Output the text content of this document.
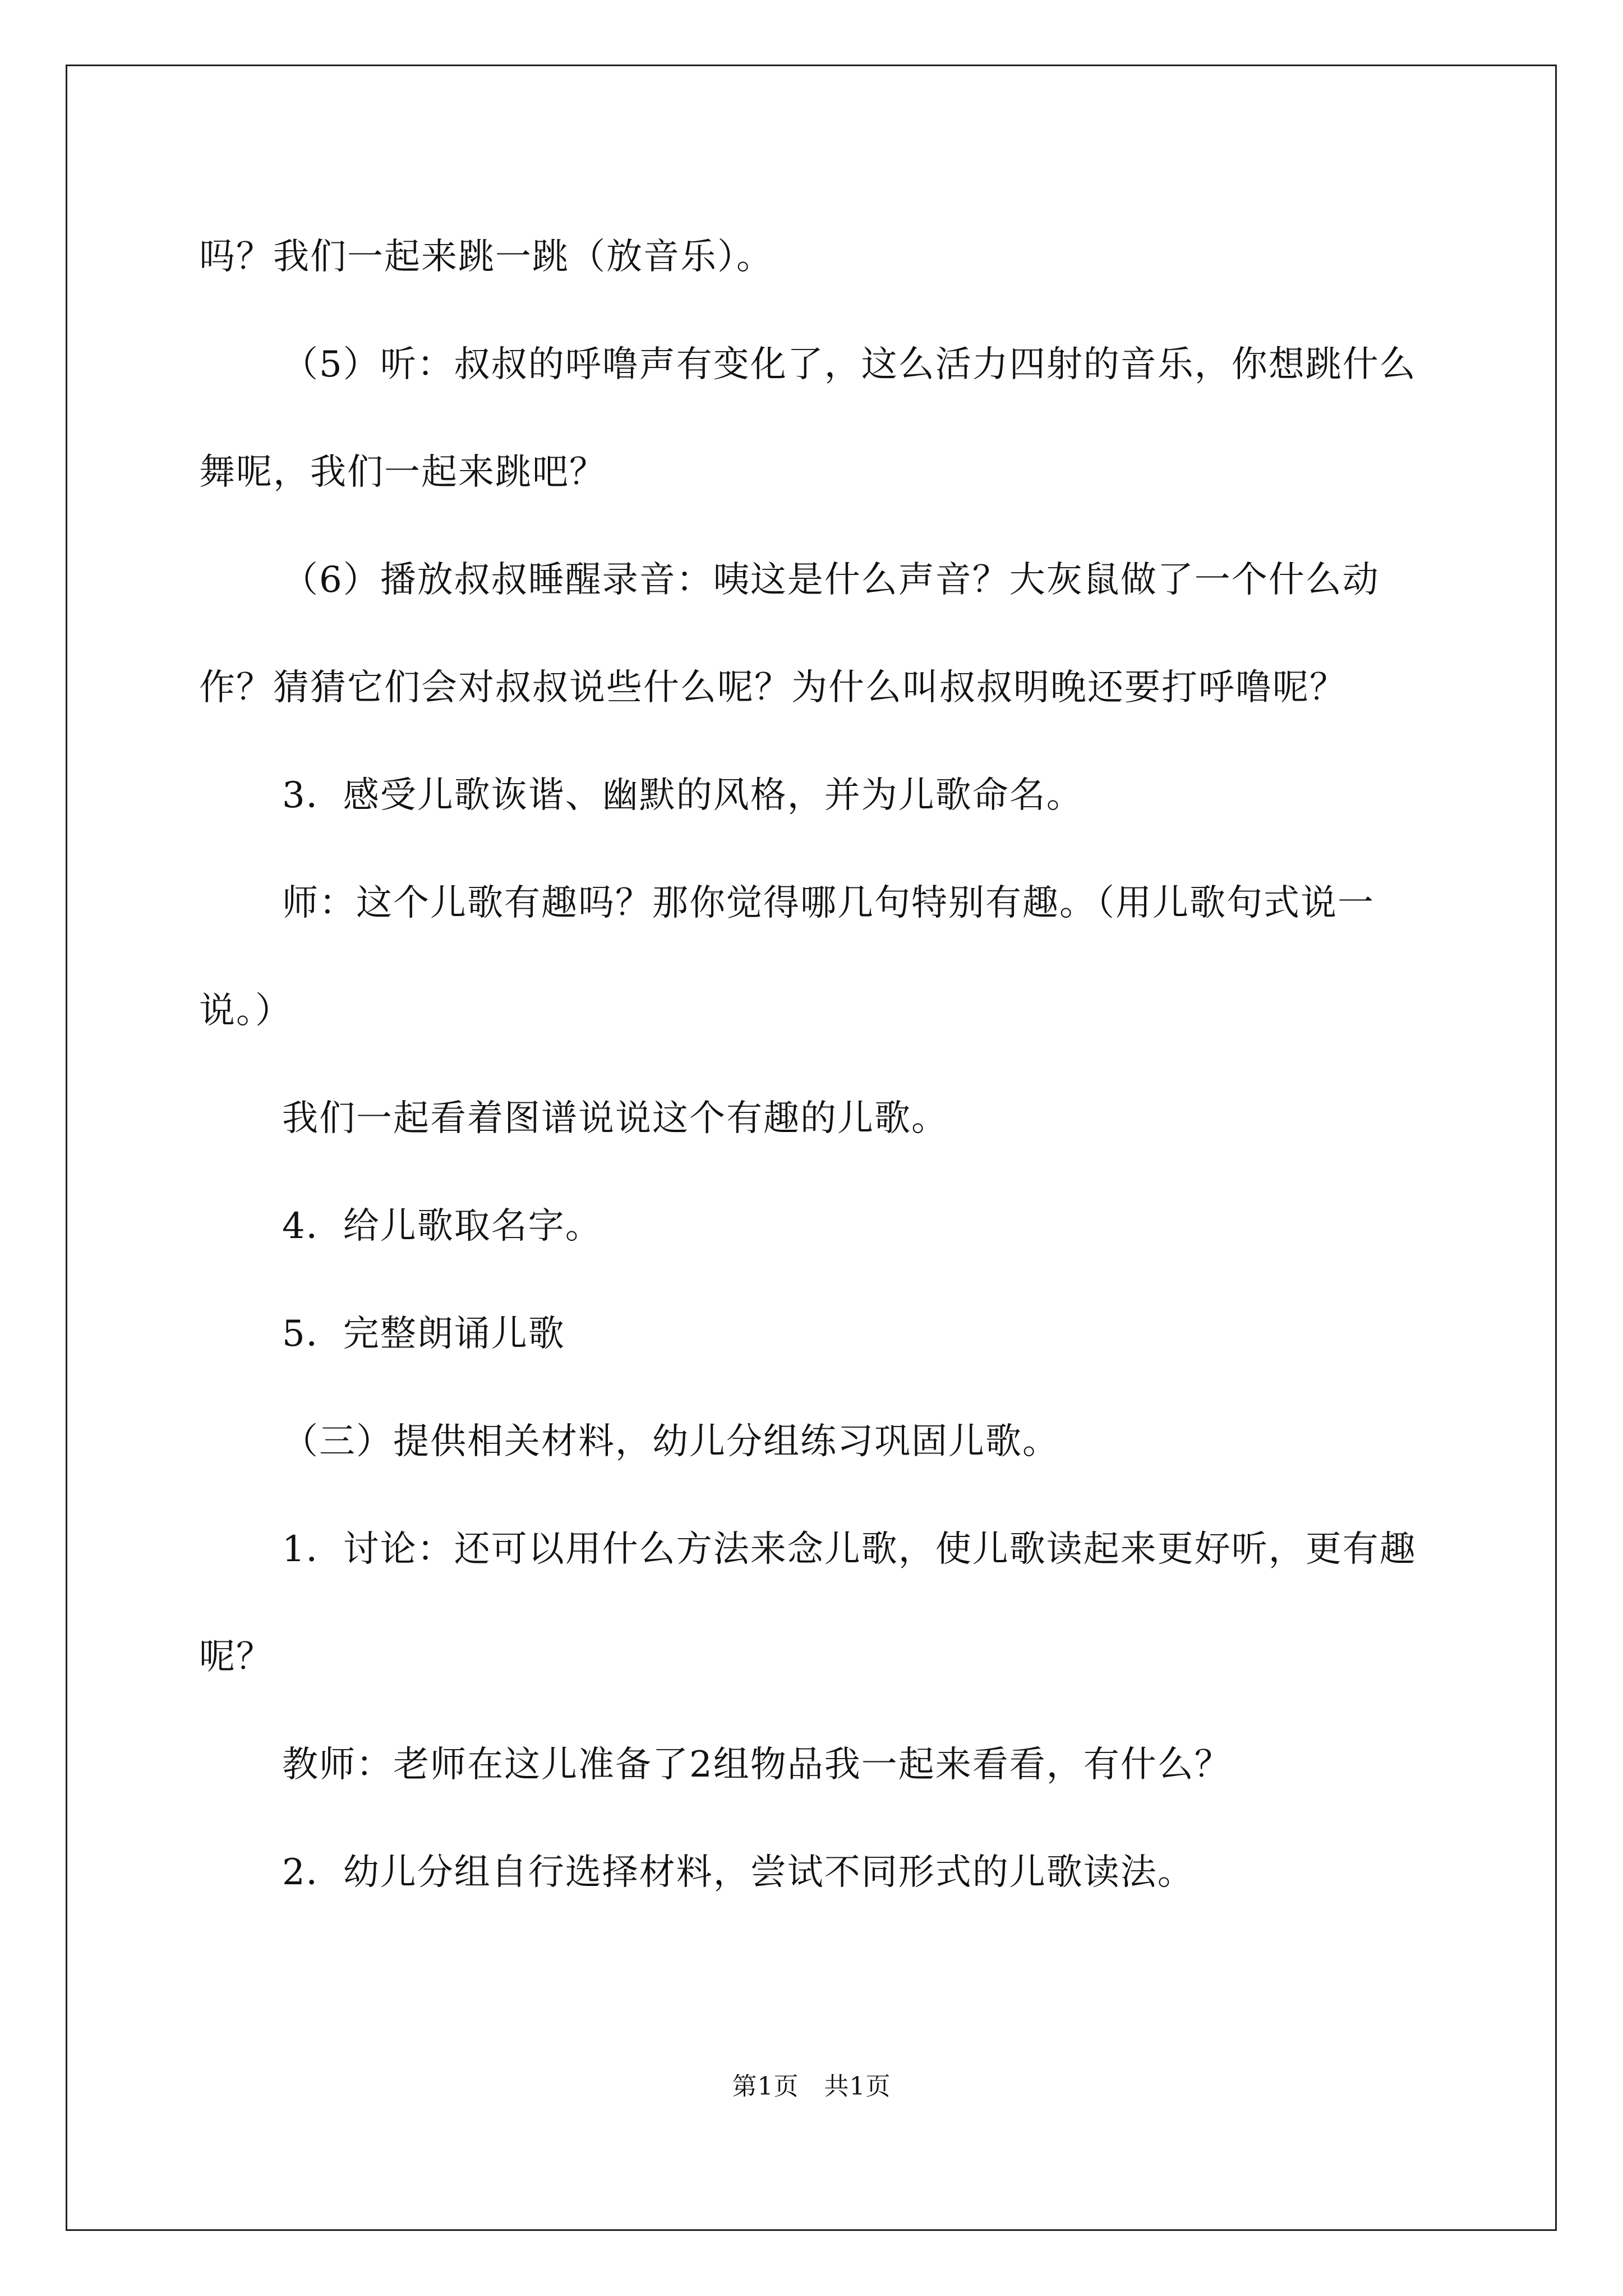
吗？我们一起来跳一跳（放音乐）。

（5）听：叔叔的呼噜声有变化了，这么活力四射的音乐，你想跳什么舞呢，我们一起来跳吧？

（6）播放叔叔睡醒录音：咦这是什么声音？大灰鼠做了一个什么动作？猜猜它们会对叔叔说些什么呢？为什么叫叔叔明晚还要打呼噜呢？

3．感受儿歌诙谐、幽默的风格，并为儿歌命名。

师：这个儿歌有趣吗？那你觉得哪几句特别有趣。（用儿歌句式说一说。）

我们一起看着图谱说说这个有趣的儿歌。

4．给儿歌取名字。

5．完整朗诵儿歌

（三）提供相关材料，幼儿分组练习巩固儿歌。

1．讨论：还可以用什么方法来念儿歌，使儿歌读起来更好听，更有趣呢？

教师：老师在这儿准备了2组物品我一起来看看，有什么？

2．幼儿分组自行选择材料，尝试不同形式的儿歌读法。

第1页　共1页
